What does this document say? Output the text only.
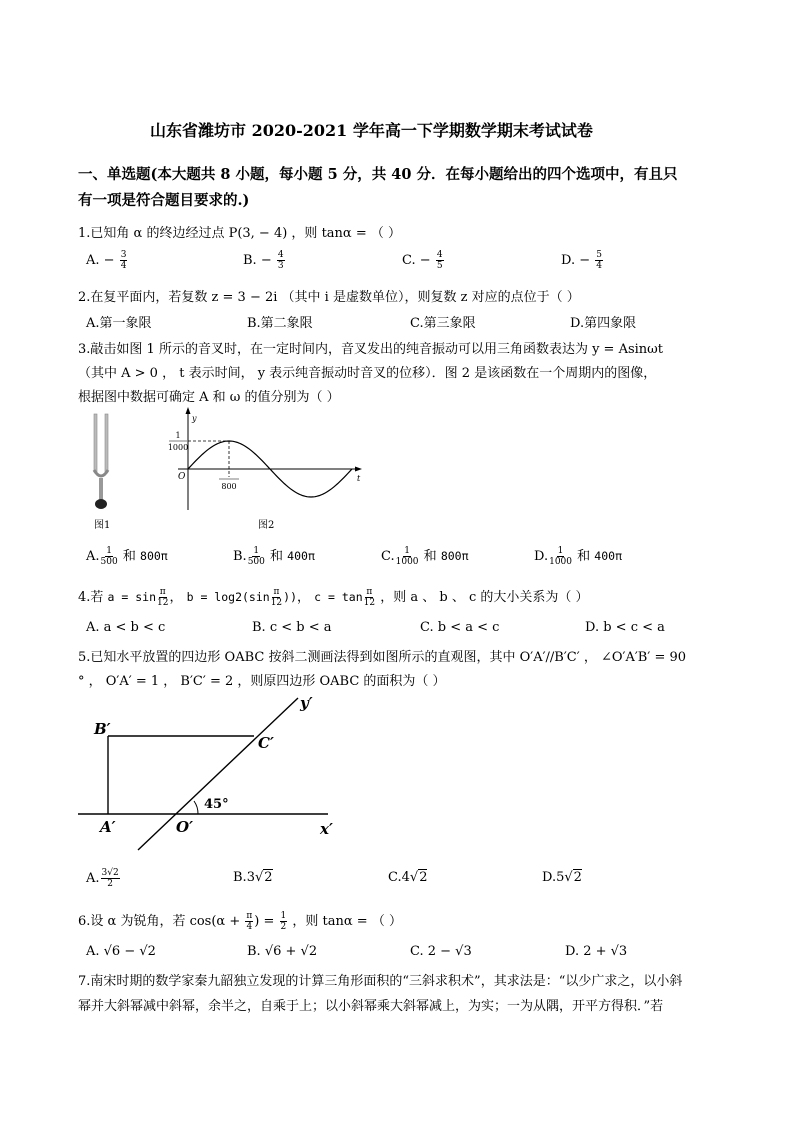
山东省潍坊市 2020-2021 学年高一下学期数学期末考试试卷
一、单选题(本大题共 8 小题，每小题 5 分，共 40 分．在每小题给出的四个选项中，有且只
有一项是符合题目要求的.)
1.已知角 α 的终边经过点 P(3, − 4) ，则 tanα = （ ）
A. − $\frac{3}{4}$	B. − $\frac{4}{3}$	C. − $\frac{4}{5}$	D. − $\frac{5}{4}$
2.在复平面内，若复数 z = 3 − 2i （其中 i 是虚数单位），则复数 z 对应的点位于（ ）
A.第一象限	B.第二象限	C.第三象限	D.第四象限
3.敲击如图 1 所示的音叉时，在一定时间内，音叉发出的纯音振动可以用三角函数表达为 y = Asinωt
（其中 A > 0 ， t 表示时间， y 表示纯音振动时音叉的位移）．图 2 是该函数在一个周期内的图像，
根据图中数据可确定 A 和 ω 的值分别为（ ）
图1
y
t
O
1
1000
800
图2
A. $\frac{1}{500}$ 和 800π	B. $\frac{1}{500}$ 和 400π	C. $\frac{1}{1000}$ 和 800π	D. $\frac{1}{1000}$ 和 400π
4.若 $a = \sin \frac{\pi}{12}$ ， $b = \log 2(\sin \frac{\pi}{12}$ ))， $c = \tan \frac{\pi}{12}$ ，则 a 、 b 、 c 的大小关系为（ ）
A. a < b < c	B. c < b < a	C. b < a < c	D. b < c < a
5.已知水平放置的四边形 OABC 按斜二测画法得到如图所示的直观图，其中 O′A′//B′C′ ， ∠O′A′B′ = 90
° ， O′A′ = 1 ， B′C′ = 2 ，则原四边形 OABC 的面积为（ ）
B′
C′
A′	O′	x′
y′
45°
A. $\frac{3√2}{2}$	B.3√2	C.4√2	D.5√2
6.设 α 为锐角，若 $\cos(\alpha + \frac{\pi}{4}$ ) = $\frac{1}{2}$ ，则 tanα = （ ）
A. √6 − √2	B. √6 + √2	C. 2 − √3	D. 2 + √3
7.南宋时期的数学家秦九韶独立发现的计算三角形面积的“三斜求积术”，其求法是：“以少广求之，以小斜
幂并大斜幂减中斜幂，余半之，自乘于上；以小斜幂乘大斜幂减上，为实；一为从隅，开平方得积．”若
